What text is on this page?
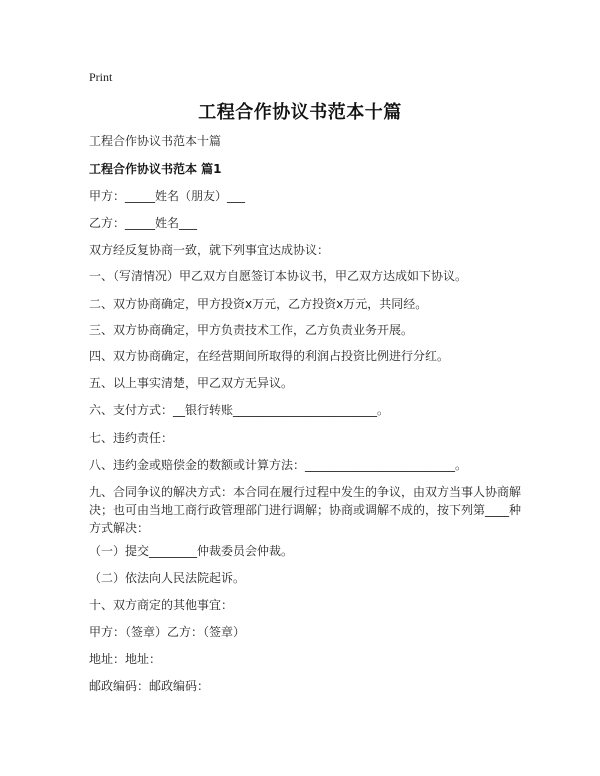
Print
工程合作协议书范本十篇
工程合作协议书范本十篇
工程合作协议书范本 篇1
甲方：_____姓名（朋友）___
乙方：_____姓名___
双方经反复协商一致，就下列事宜达成协议：
一、（写清情况）甲乙双方自愿签订本协议书，甲乙双方达成如下协议。
二、双方协商确定，甲方投资x万元，乙方投资x万元，共同经。
三、双方协商确定，甲方负责技术工作，乙方负责业务开展。
四、双方协商确定，在经营期间所取得的利润占投资比例进行分红。
五、以上事实清楚，甲乙双方无异议。
六、支付方式：__银行转账________________________。
七、违约责任：
八、违约金或赔偿金的数额或计算方法：_________________________。
九、合同争议的解决方式：本合同在履行过程中发生的争议，由双方当事人协商解决；也可由当地工商行政管理部门进行调解；协商或调解不成的，按下列第____种方式解决：
（一）提交________仲裁委员会仲裁。
（二）依法向人民法院起诉。
十、双方商定的其他事宜：
甲方：（签章）乙方：（签章）
地址：地址：
邮政编码：邮政编码：
